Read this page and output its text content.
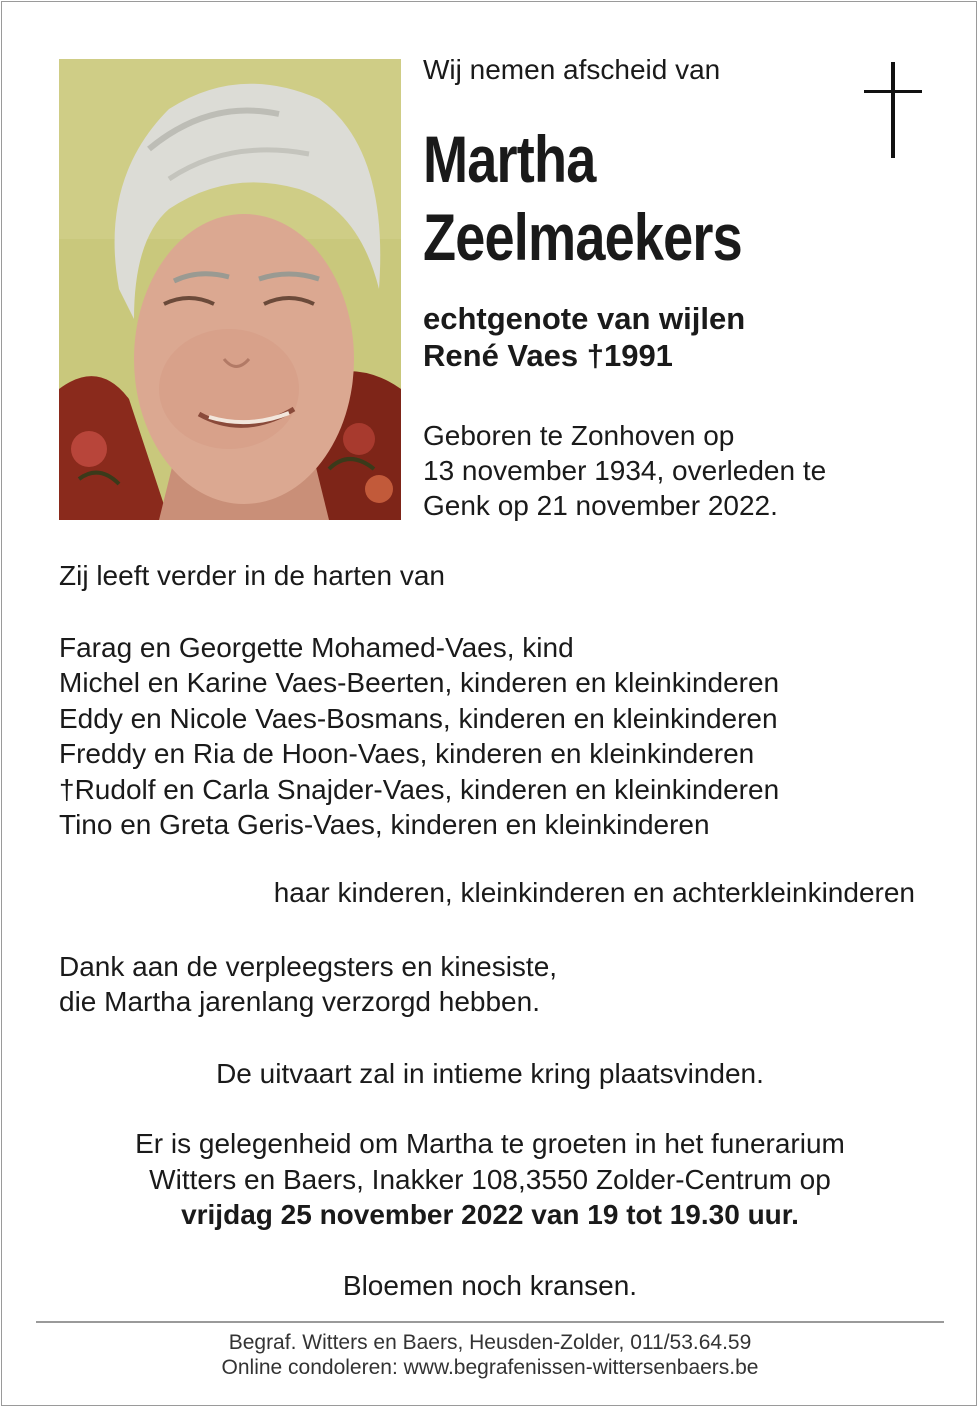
Wij nemen afscheid van
Martha
Zeelmaekers
echtgenote van wijlen
René Vaes †1991
Geboren te Zonhoven op
13 november 1934, overleden te
Genk op 21 november 2022.
Zij leeft verder in de harten van
Farag en Georgette Mohamed-Vaes, kind
Michel en Karine Vaes-Beerten, kinderen en kleinkinderen
Eddy en Nicole Vaes-Bosmans, kinderen en kleinkinderen
Freddy en Ria de Hoon-Vaes, kinderen en kleinkinderen
†Rudolf en Carla Snajder-Vaes, kinderen en kleinkinderen
Tino en Greta Geris-Vaes, kinderen en kleinkinderen
haar kinderen, kleinkinderen en achterkleinkinderen
Dank aan de verpleegsters en kinesiste,
die Martha jarenlang verzorgd hebben.
De uitvaart zal in intieme kring plaatsvinden.
Er is gelegenheid om Martha te groeten in het funerarium
Witters en Baers, Inakker 108,3550 Zolder-Centrum op
vrijdag 25 november 2022 van 19 tot 19.30 uur.
Bloemen noch kransen.
Begraf. Witters en Baers, Heusden-Zolder, 011/53.64.59
Online condoleren: www.begrafenissen-wittersenbaers.be
